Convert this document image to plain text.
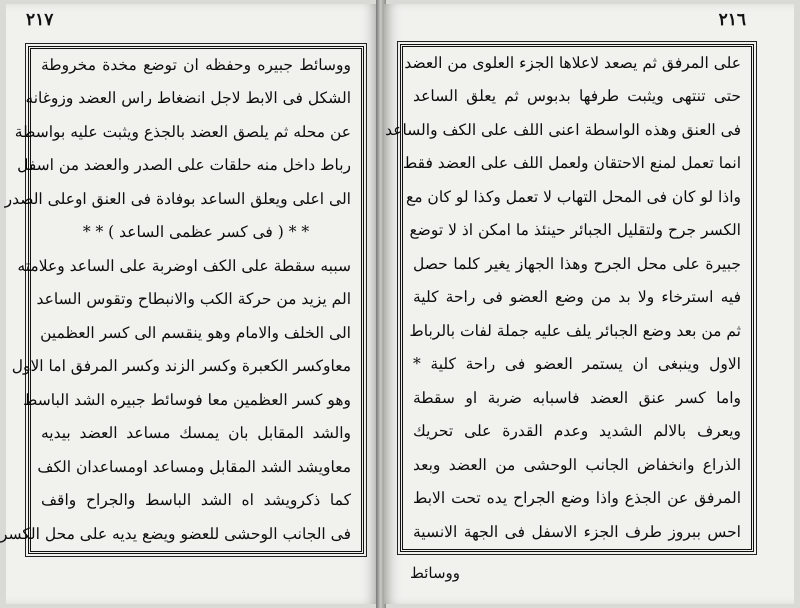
٢١٧
ووسائط جبيره وحفظه ان توضع مخدة مخروطة
الشكل فى الابط لاجل انضغاط راس العضد وزوغانه
عن محله ثم يلصق العضد بالجذع ويثبت عليه بواسطة
رباط داخل منه حلقات على الصدر والعضد من اسفل
الى اعلى ويعلق الساعد بوفادة فى العنق اوعلى الصدر
* * ( فى كسر عظمى الساعد ) * *
سببه سقطة على الكف اوضربة على الساعد وعلامته
الم يزيد من حركة الكب والانبطاح وتقوس الساعد
الى الخلف والامام وهو ينقسم الى كسر العظمين
معاوكسر الكعبرة وكسر الزند وكسر المرفق اما الاول
وهو كسر العظمين معا فوسائط جبيره الشد الباسط
والشد المقابل بان يمسك مساعد العضد بيديه
معاويشد الشد المقابل ومساعد اومساعدان الكف
كما ذكرويشد اه الشد الباسط والجراح واقف
فى الجانب الوحشى للعضو ويضع يديه على محل الكسر
٢١٦
على المرفق ثم يصعد لاعلاها الجزء العلوى من العضد
حتى تنتهى ويثبت طرفها بدبوس ثم يعلق الساعد
فى العنق وهذه الواسطة اعنى اللف على الكف والساعد
انما تعمل لمنع الاحتقان ولعمل اللف على العضد فقط
واذا لو كان فى المحل التهاب لا تعمل وكذا لو كان مع
الكسر جرح ولتقليل الجبائر حينئذ ما امكن اذ لا توضع
جبيرة على محل الجرح وهذا الجهاز يغير كلما حصل
فيه استرخاء ولا بد من وضع العضو فى راحة كلية
ثم من بعد وضع الجبائر يلف عليه جملة لفات بالرباط
الاول وينبغى ان يستمر العضو فى راحة كلية *
واما كسر عنق العضد فاسبابه ضربة او سقطة
ويعرف بالالم الشديد وعدم القدرة على تحريك
الذراع وانخفاض الجانب الوحشى من العضد وبعد
المرفق عن الجذع واذا وضع الجراح يده تحت الابط
احس ببروز طرف الجزء الاسفل فى الجهة الانسية
ووسائط
